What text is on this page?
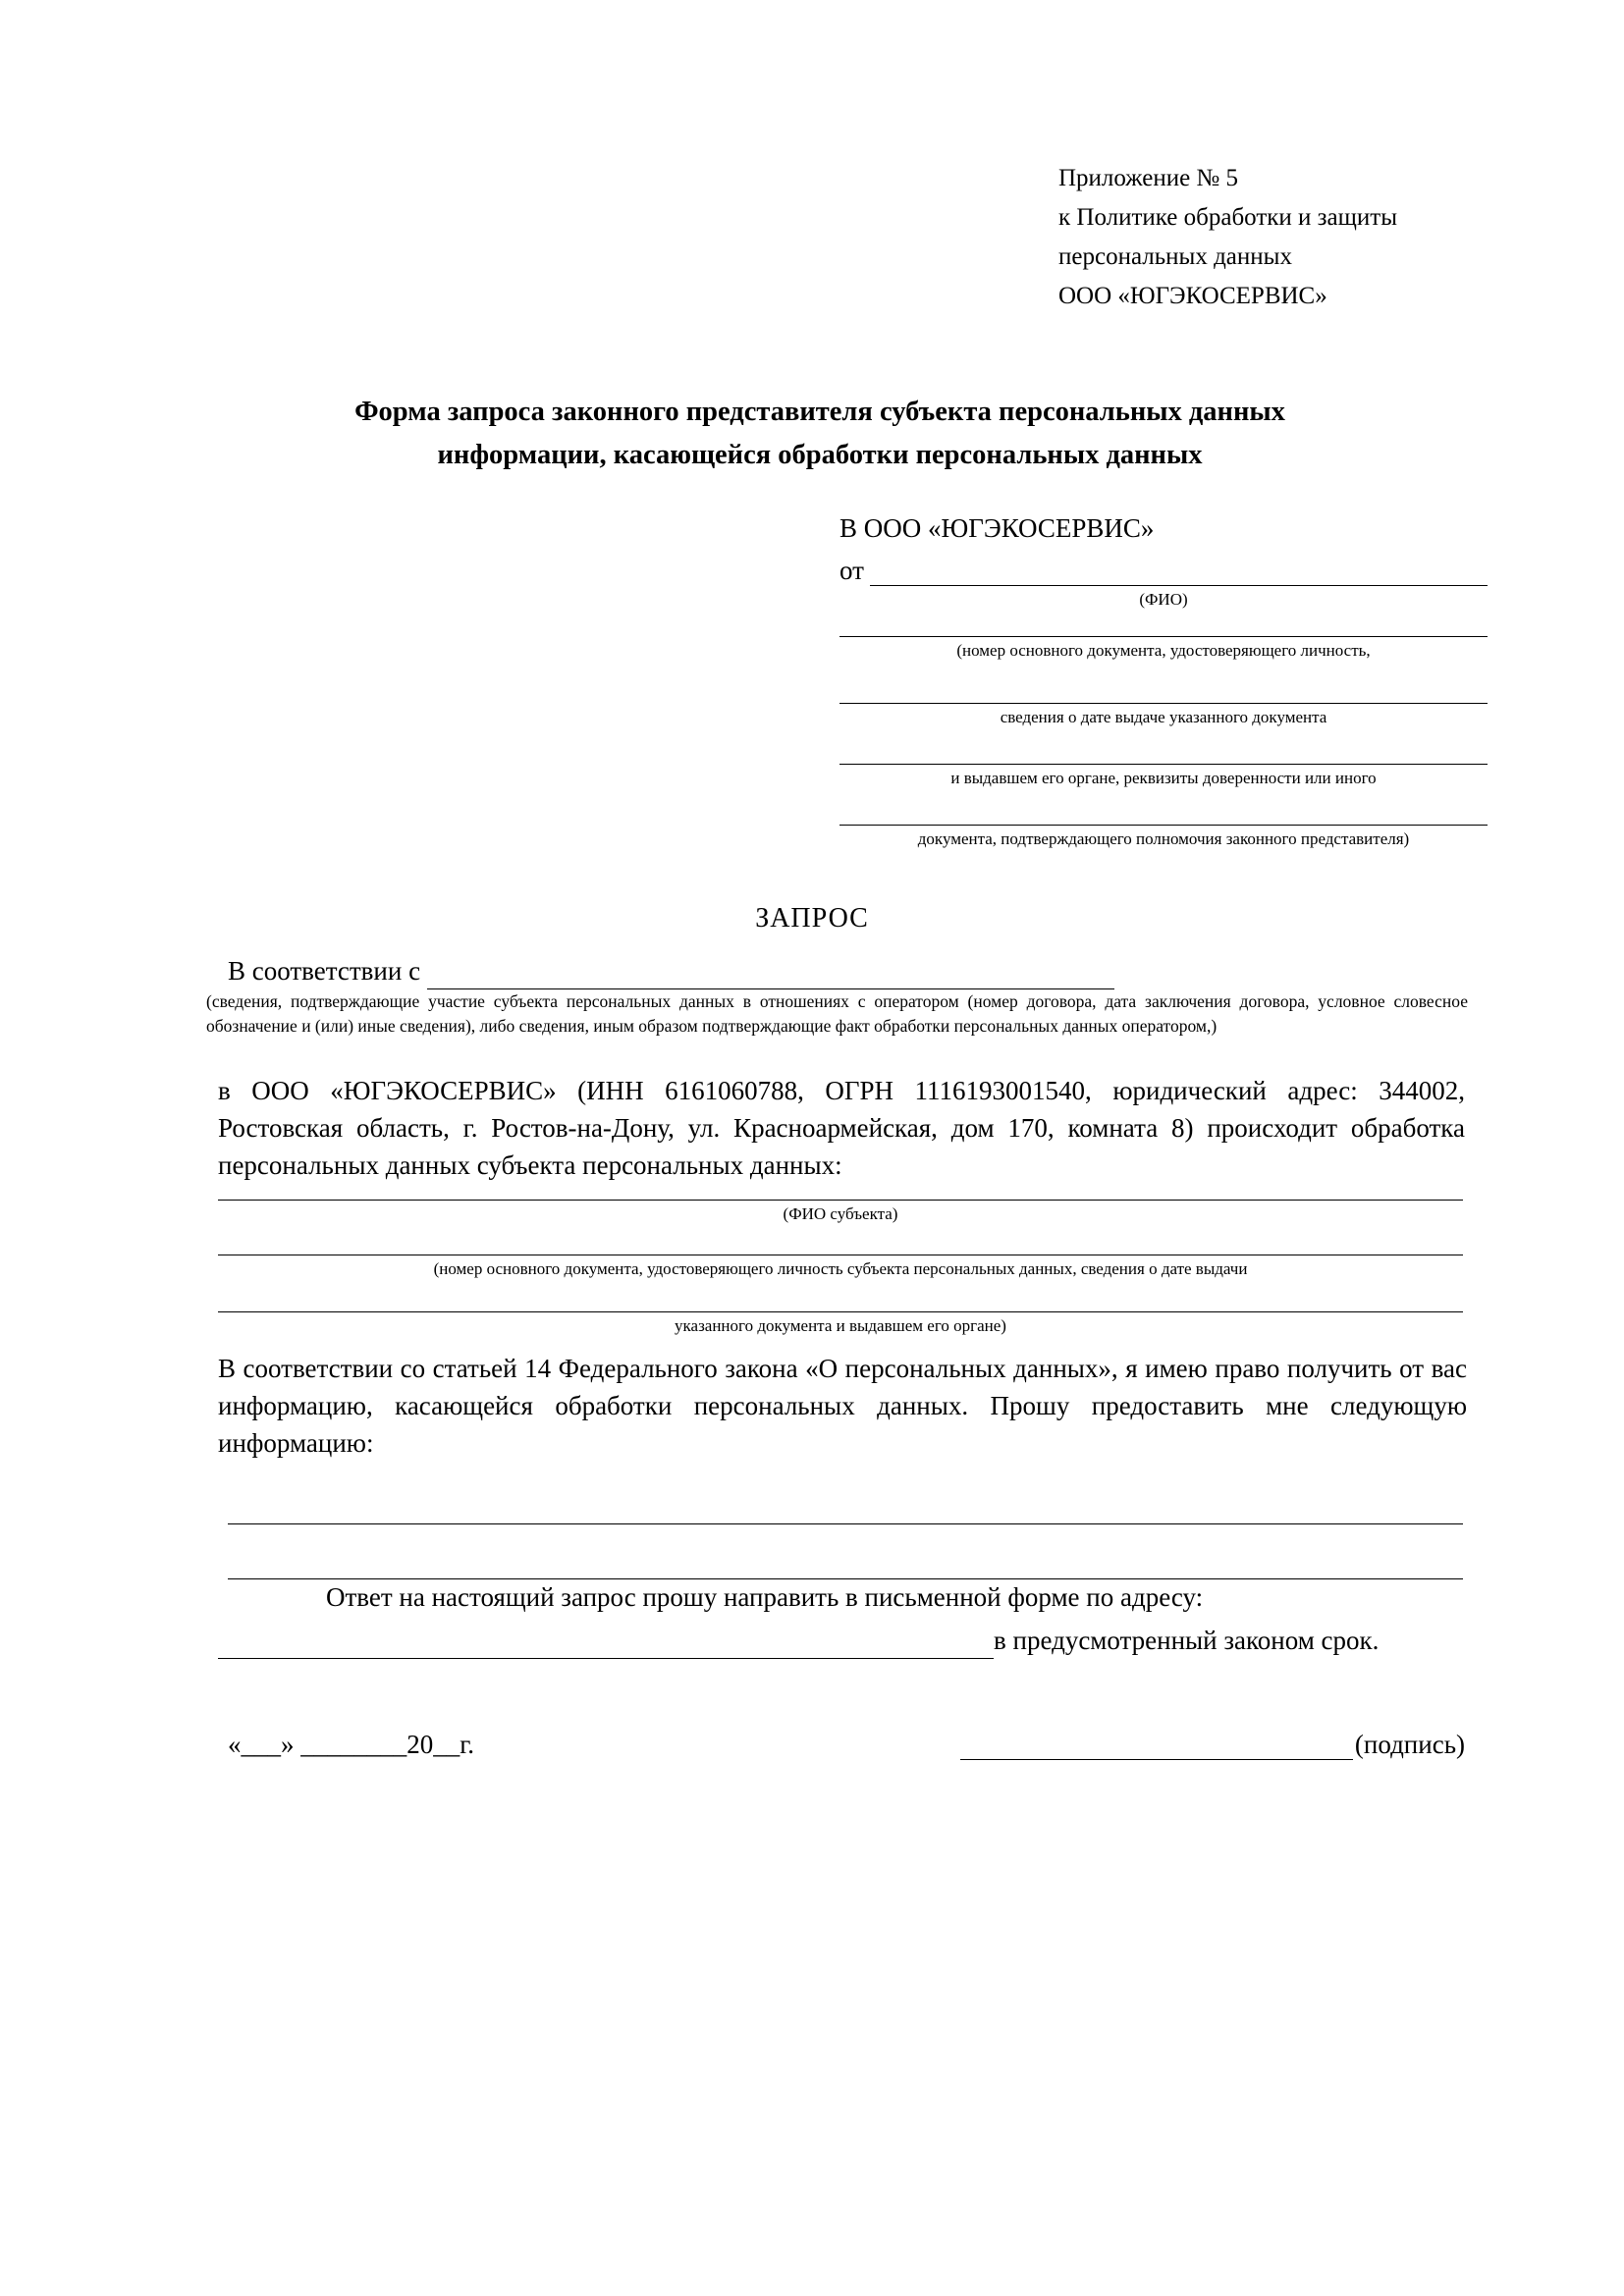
Приложение № 5
к Политике обработки и защиты
персональных данных
ООО «ЮГЭКОСЕРВИС»
Форма запроса законного представителя субъекта персональных данных
информации, касающейся обработки персональных данных
В ООО «ЮГЭКОСЕРВИС»
от
(ФИО)
(номер основного документа, удостоверяющего личность,
сведения о дате выдаче указанного документа
и выдавшем его органе, реквизиты доверенности или иного
документа, подтверждающего полномочия законного представителя)
ЗАПРОС
В соответствии с
(сведения, подтверждающие участие субъекта персональных данных в отношениях с оператором (номер договора, дата заключения договора, условное словесное обозначение и (или) иные сведения), либо сведения, иным образом подтверждающие факт обработки персональных данных оператором,)
в ООО «ЮГЭКОСЕРВИС» (ИНН 6161060788, ОГРН 1116193001540, юридический адрес: 344002, Ростовская область, г. Ростов-на-Дону, ул. Красноармейская, дом 170, комната 8) происходит обработка персональных данных субъекта персональных данных:
(ФИО субъекта)
(номер основного документа, удостоверяющего личность субъекта персональных данных, сведения о дате выдачи
указанного документа и выдавшем его органе)
В соответствии со статьей 14 Федерального закона «О персональных данных», я имею право получить от вас информацию, касающейся обработки персональных данных. Прошу предоставить мне следующую информацию:
Ответ на настоящий запрос прошу направить в письменной форме по адресу:
в предусмотренный законом срок.
«___» ________20__г.	(подпись)
